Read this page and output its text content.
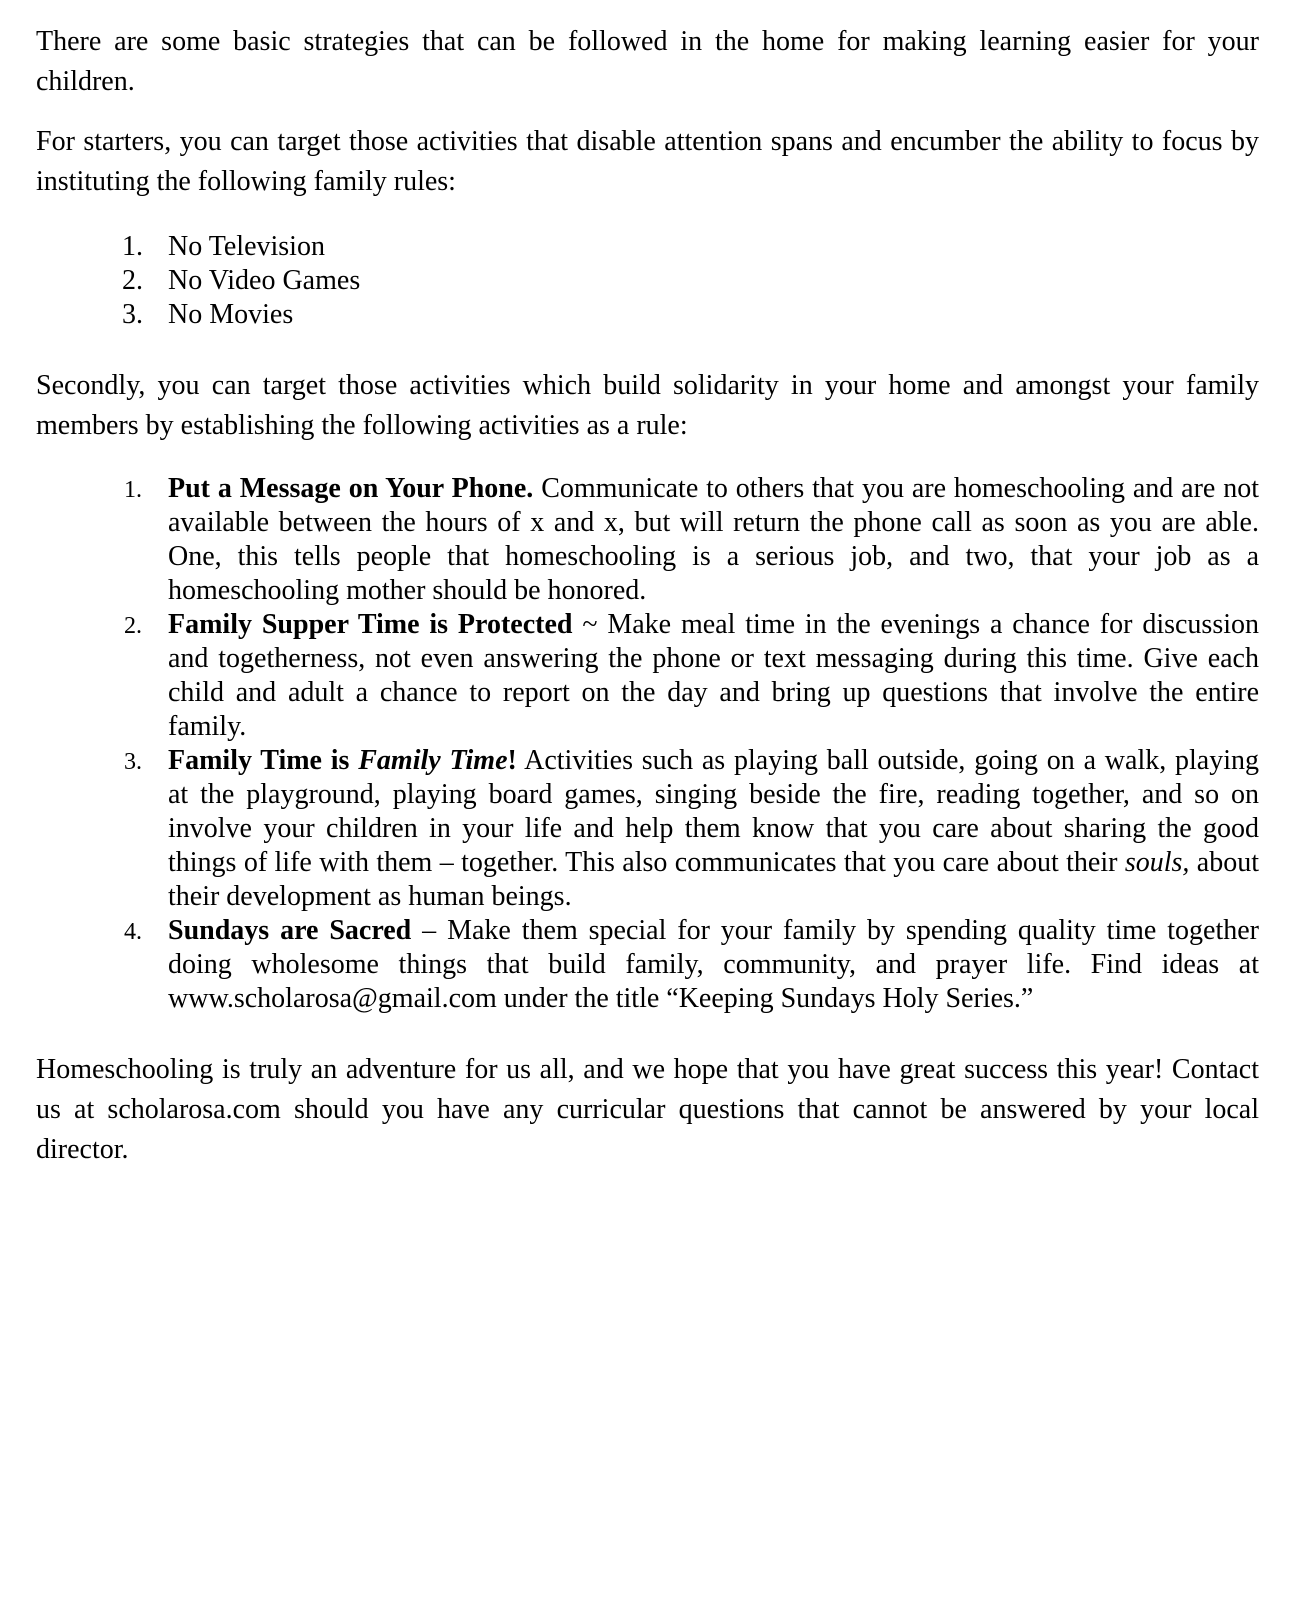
There are some basic strategies that can be followed in the home for making learning easier for your children.

For starters, you can target those activities that disable attention spans and encumber the ability to focus by instituting the following family rules:

No Television
No Video Games
No Movies

Secondly, you can target those activities which build solidarity in your home and amongst your family members by establishing the following activities as a rule:

Put a Message on Your Phone. Communicate to others that you are homeschooling and are not available between the hours of x and x, but will return the phone call as soon as you are able. One, this tells people that homeschooling is a serious job, and two, that your job as a homeschooling mother should be honored.
Family Supper Time is Protected ~ Make meal time in the evenings a chance for discussion and togetherness, not even answering the phone or text messaging during this time. Give each child and adult a chance to report on the day and bring up questions that involve the entire family.
Family Time is Family Time! Activities such as playing ball outside, going on a walk, playing at the playground, playing board games, singing beside the fire, reading together, and so on involve your children in your life and help them know that you care about sharing the good things of life with them – together. This also communicates that you care about their souls, about their development as human beings.
Sundays are Sacred – Make them special for your family by spending quality time together doing wholesome things that build family, community, and prayer life. Find ideas at www.scholarosa@gmail.com under the title “Keeping Sundays Holy Series.”

Homeschooling is truly an adventure for us all, and we hope that you have great success this year! Contact us at scholarosa.com should you have any curricular questions that cannot be answered by your local director.
